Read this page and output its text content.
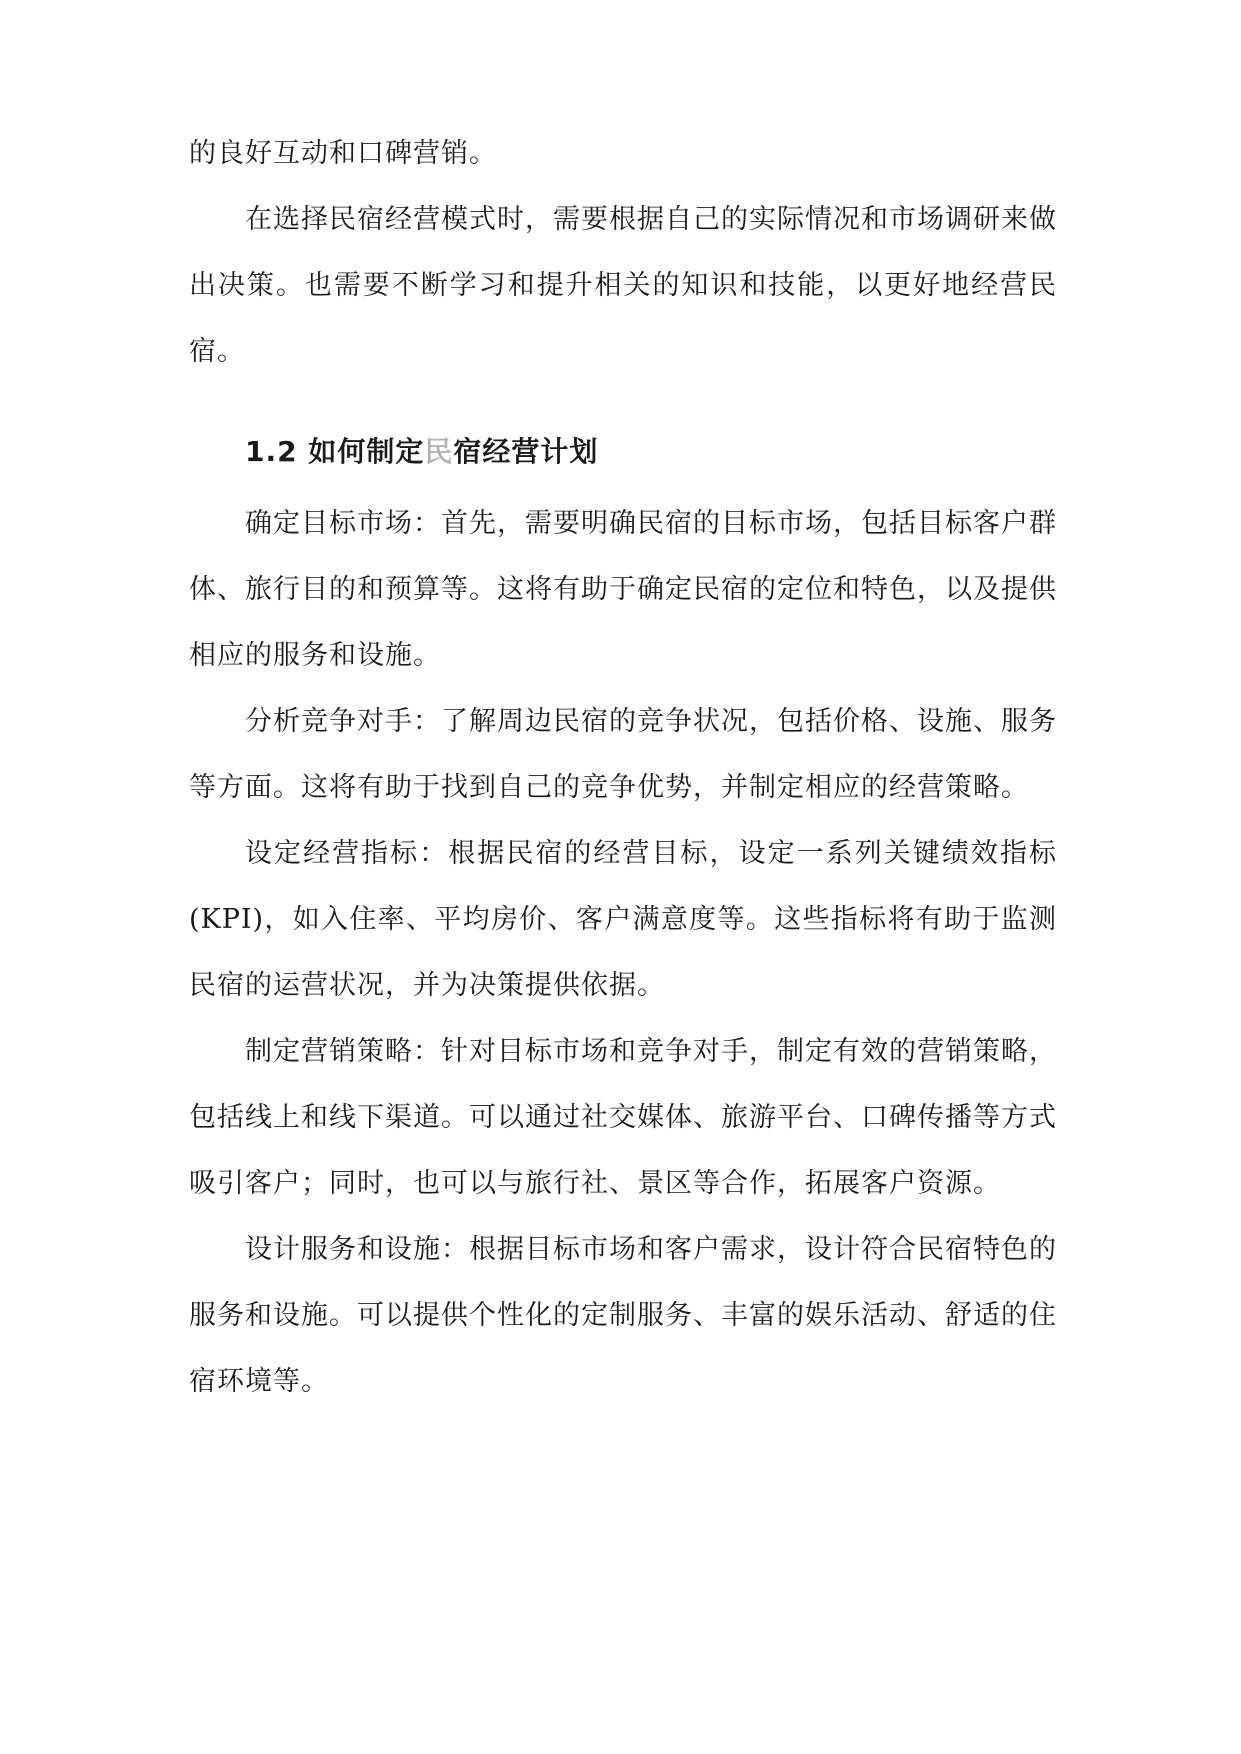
的良好互动和口碑营销。

在选择民宿经营模式时，需要根据自己的实际情况和市场调研来做出决策。也需要不断学习和提升相关的知识和技能，以更好地经营民宿。

1.2 如何制定民宿经营计划

确定目标市场：首先，需要明确民宿的目标市场，包括目标客户群体、旅行目的和预算等。这将有助于确定民宿的定位和特色，以及提供相应的服务和设施。

分析竞争对手：了解周边民宿的竞争状况，包括价格、设施、服务等方面。这将有助于找到自己的竞争优势，并制定相应的经营策略。

设定经营指标：根据民宿的经营目标，设定一系列关键绩效指标(KPI)，如入住率、平均房价、客户满意度等。这些指标将有助于监测民宿的运营状况，并为决策提供依据。

制定营销策略：针对目标市场和竞争对手，制定有效的营销策略，包括线上和线下渠道。可以通过社交媒体、旅游平台、口碑传播等方式吸引客户；同时，也可以与旅行社、景区等合作，拓展客户资源。

设计服务和设施：根据目标市场和客户需求，设计符合民宿特色的服务和设施。可以提供个性化的定制服务、丰富的娱乐活动、舒适的住宿环境等。
